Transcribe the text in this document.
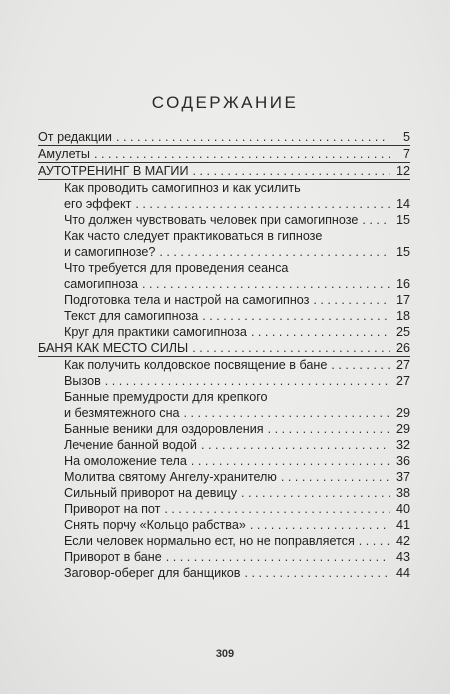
СОДЕРЖАНИЕ
От редакции . . .	5
Амулеты . . .	7
АУТОТРЕНИНГ В МАГИИ . . .	12
Как проводить самогипноз и как усилить
его эффект . . .	14
Что должен чувствовать человек при самогипнозе . . .	15
Как часто следует практиковаться в гипнозе
и самогипнозе? . . .	15
Что требуется для проведения сеанса
самогипноза . . .	16
Подготовка тела и настрой на самогипноз . . .	17
Текст для самогипноза . . .	18
Круг для практики самогипноза . . .	25
БАНЯ КАК МЕСТО СИЛЫ . . .	26
Как получить колдовское посвящение в бане . . .	27
Вызов . . .	27
Банные премудрости для крепкого
и безмятежного сна . . .	29
Банные веники для оздоровления . . .	29
Лечение банной водой . . .	32
На омоложение тела . . .	36
Молитва святому Ангелу-хранителю . . .	37
Сильный приворот на девицу . . .	38
Приворот на пот . . .	40
Снять порчу «Кольцо рабства» . . .	41
Если человек нормально ест, но не поправляется . . .	42
Приворот в бане . . .	43
Заговор-оберег для банщиков . . .	44
309
